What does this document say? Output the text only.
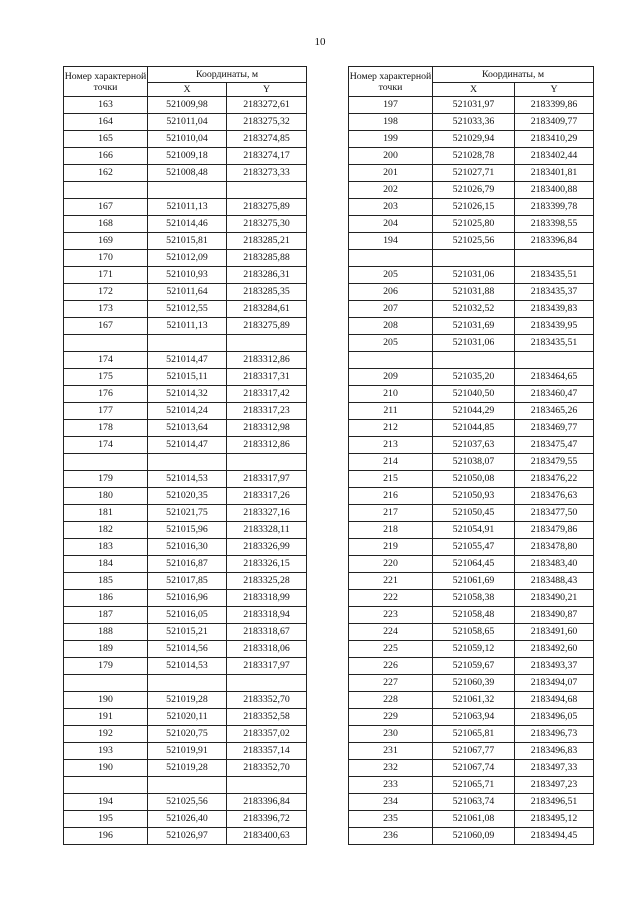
10
Номер характерной точки	Координаты, м	
	X	Y
163	521009,98	2183272,61
164	521011,04	2183275,32
165	521010,04	2183274,85
166	521009,18	2183274,17
162	521008,48	2183273,33

167	521011,13	2183275,89
168	521014,46	2183275,30
169	521015,81	2183285,21
170	521012,09	2183285,88
171	521010,93	2183286,31
172	521011,64	2183285,35
173	521012,55	2183284,61
167	521011,13	2183275,89

174	521014,47	2183312,86
175	521015,11	2183317,31
176	521014,32	2183317,42
177	521014,24	2183317,23
178	521013,64	2183312,98
174	521014,47	2183312,86

179	521014,53	2183317,97
180	521020,35	2183317,26
181	521021,75	2183327,16
182	521015,96	2183328,11
183	521016,30	2183326,99
184	521016,87	2183326,15
185	521017,85	2183325,28
186	521016,96	2183318,99
187	521016,05	2183318,94
188	521015,21	2183318,67
189	521014,56	2183318,06
179	521014,53	2183317,97

190	521019,28	2183352,70
191	521020,11	2183352,58
192	521020,75	2183357,02
193	521019,91	2183357,14
190	521019,28	2183352,70

194	521025,56	2183396,84
195	521026,40	2183396,72
196	521026,97	2183400,63
Номер характерной точки	Координаты, м	
	X	Y
197	521031,97	2183399,86
198	521033,36	2183409,77
199	521029,94	2183410,29
200	521028,78	2183402,44
201	521027,71	2183401,81
202	521026,79	2183400,88
203	521026,15	2183399,78
204	521025,80	2183398,55
194	521025,56	2183396,84

205	521031,06	2183435,51
206	521031,88	2183435,37
207	521032,52	2183439,83
208	521031,69	2183439,95
205	521031,06	2183435,51

209	521035,20	2183464,65
210	521040,50	2183460,47
211	521044,29	2183465,26
212	521044,85	2183469,77
213	521037,63	2183475,47
214	521038,07	2183479,55
215	521050,08	2183476,22
216	521050,93	2183476,63
217	521050,45	2183477,50
218	521054,91	2183479,86
219	521055,47	2183478,80
220	521064,45	2183483,40
221	521061,69	2183488,43
222	521058,38	2183490,21
223	521058,48	2183490,87
224	521058,65	2183491,60
225	521059,12	2183492,60
226	521059,67	2183493,37
227	521060,39	2183494,07
228	521061,32	2183494,68
229	521063,94	2183496,05
230	521065,81	2183496,73
231	521067,77	2183496,83
232	521067,74	2183497,33
233	521065,71	2183497,23
234	521063,74	2183496,51
235	521061,08	2183495,12
236	521060,09	2183494,45
